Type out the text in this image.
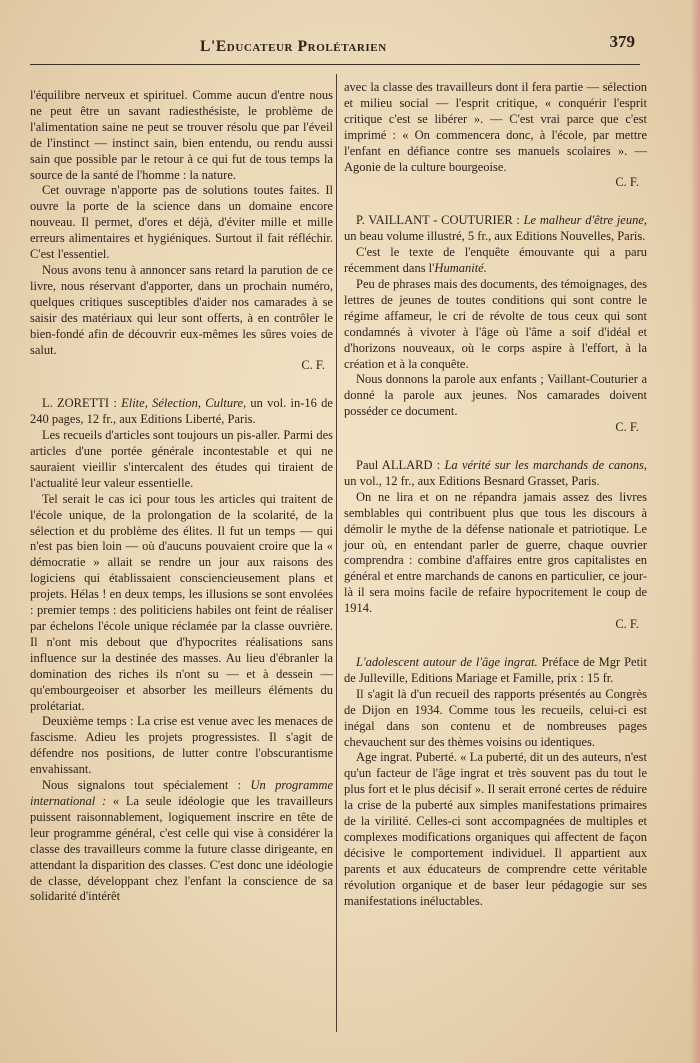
L'Educateur Prolétarien	379

l'équilibre nerveux et spirituel. Comme aucun d'entre nous ne peut être un savant radiesthésiste, le problème de l'alimentation saine ne peut se trouver résolu que par l'éveil de l'instinct — instinct sain, bien entendu, ou rendu aussi sain que possible par le retour à ce qui fut de tous temps la source de la santé de l'homme : la nature.

Cet ouvrage n'apporte pas de solutions toutes faites. Il ouvre la porte de la science dans un domaine encore nouveau. Il permet, d'ores et déjà, d'éviter mille et mille erreurs alimentaires et hygiéniques. Surtout il fait réfléchir. C'est l'essentiel.

Nous avons tenu à annoncer sans retard la parution de ce livre, nous réservant d'apporter, dans un prochain numéro, quelques critiques susceptibles d'aider nos camarades à se saisir des matériaux qui leur sont offerts, à en contrôler le bien-fondé afin de découvrir eux-mêmes les sûres voies de salut.

C. F.

L. ZORETTI : Elite, Sélection, Culture, un vol. in-16 de 240 pages, 12 fr., aux Editions Liberté, Paris.

Les recueils d'articles sont toujours un pis-aller. Parmi des articles d'une portée générale incontestable et qui ne sauraient vieillir s'intercalent des études qui tiraient de l'actualité leur valeur essentielle.

Tel serait le cas ici pour tous les articles qui traitent de l'école unique, de la prolongation de la scolarité, de la sélection et du problème des élites. Il fut un temps — qui n'est pas bien loin — où d'aucuns pouvaient croire que la « démocratie » allait se rendre un jour aux raisons des logiciens qui établissaient consciencieusement plans et projets. Hélas ! en deux temps, les illusions se sont envolées : premier temps : des politiciens habiles ont feint de réaliser par échelons l'école unique réclamée par la classe ouvrière. Il n'ont mis debout que d'hypocrites réalisations sans influence sur la destinée des masses. Au lieu d'ébranler la domination des riches ils n'ont su — et à dessein — qu'embourgeoiser et absorber les meilleurs éléments du prolétariat.

Deuxième temps : La crise est venue avec les menaces de fascisme. Adieu les projets progressistes. Il s'agit de défendre nos positions, de lutter contre l'obscurantisme envahissant.

Nous signalons tout spécialement : Un programme international : « La seule idéologie que les travailleurs puissent raisonnablement, logiquement inscrire en tête de leur programme général, c'est celle qui vise à considérer la classe des travailleurs comme la future classe dirigeante, en attendant la disparition des classes. C'est donc une idéologie de classe, développant chez l'enfant la conscience de sa solidarité d'intérêt

avec la classe des travailleurs dont il fera partie — sélection et milieu social — l'esprit critique, « conquérir l'esprit critique c'est se libérer ». — C'est vrai parce que c'est imprimé : « On commencera donc, à l'école, par mettre l'enfant en défiance contre ses manuels scolaires ». — Agonie de la culture bourgeoise.

C. F.

P. VAILLANT - COUTURIER : Le malheur d'être jeune, un beau volume illustré, 5 fr., aux Editions Nouvelles, Paris.

C'est le texte de l'enquête émouvante qui a paru récemment dans l'Humanité.

Peu de phrases mais des documents, des témoignages, des lettres de jeunes de toutes conditions qui sont contre le régime affameur, le cri de révolte de tous ceux qui sont condamnés à vivoter à l'âge où l'âme a soif d'idéal et d'horizons nouveaux, où le corps aspire à l'effort, à la création et à la conquête.

Nous donnons la parole aux enfants ; Vaillant-Couturier a donné la parole aux jeunes. Nos camarades doivent posséder ce document.

C. F.

Paul ALLARD : La vérité sur les marchands de canons, un vol., 12 fr., aux Editions Besnard Grasset, Paris.

On ne lira et on ne répandra jamais assez des livres semblables qui contribuent plus que tous les discours à démolir le mythe de la défense nationale et patriotique. Le jour où, en entendant parler de guerre, chaque ouvrier comprendra : combine d'affaires entre gros capitalistes en général et entre marchands de canons en particulier, ce jour-là il sera moins facile de refaire hypocritement le coup de 1914.

C. F.

L'adolescent autour de l'âge ingrat. Préface de Mgr Petit de Julleville, Editions Mariage et Famille, prix : 15 fr.

Il s'agit là d'un recueil des rapports présentés au Congrès de Dijon en 1934. Comme tous les recueils, celui-ci est inégal dans son contenu et de nombreuses pages chevauchent sur des thèmes voisins ou identiques.

Age ingrat. Puberté. « La puberté, dit un des auteurs, n'est qu'un facteur de l'âge ingrat et très souvent pas du tout le plus fort et le plus décisif ». Il serait erroné certes de réduire la crise de la puberté aux simples manifestations primaires de la virilité. Celles-ci sont accompagnées de multiples et complexes modifications organiques qui affectent de façon décisive le comportement individuel. Il appartient aux parents et aux éducateurs de comprendre cette véritable révolution organique et de baser leur pédagogie sur ses manifestations inéluctables.
